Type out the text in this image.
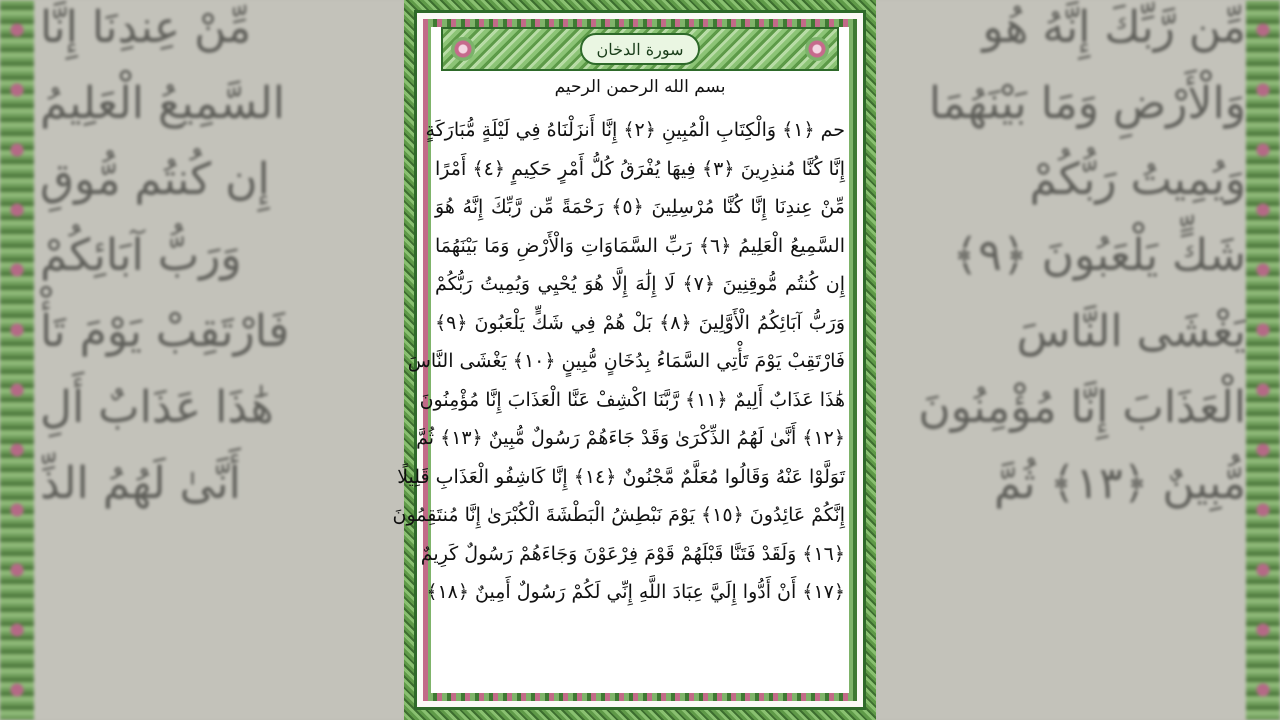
مِّنْ عِندِنَا إِنَّا
السَّمِيعُ الْعَلِيمُ
إِن كُنتُم مُّوقِ
وَرَبُّ آبَائِكُمْ
فَارْتَقِبْ يَوْمَ تَأْ
هَٰذَا عَذَابٌ أَلِ
أَنَّىٰ لَهُمُ الذِّ
مِّن رَّبِّكَ إِنَّهُ هُو
وَالْأَرْضِ وَمَا بَيْنَهُمَا
وَيُمِيتُ رَبُّكُمْ
شَكٍّ يَلْعَبُونَ ﴿٩﴾
يَغْشَى النَّاسَ
الْعَذَابَ إِنَّا مُؤْمِنُونَ
مُّبِينٌ ﴿١٣﴾ ثُمَّ
سورة الدخان
بسم الله الرحمن الرحيم
حم ﴿١﴾ وَالْكِتَابِ الْمُبِينِ ﴿٢﴾ إِنَّا أَنزَلْنَاهُ فِي لَيْلَةٍ مُّبَارَكَةٍ
إِنَّا كُنَّا مُنذِرِينَ ﴿٣﴾ فِيهَا يُفْرَقُ كُلُّ أَمْرٍ حَكِيمٍ ﴿٤﴾ أَمْرًا
مِّنْ عِندِنَا إِنَّا كُنَّا مُرْسِلِينَ ﴿٥﴾ رَحْمَةً مِّن رَّبِّكَ إِنَّهُ هُوَ
السَّمِيعُ الْعَلِيمُ ﴿٦﴾ رَبِّ السَّمَاوَاتِ وَالْأَرْضِ وَمَا بَيْنَهُمَا
إِن كُنتُم مُّوقِنِينَ ﴿٧﴾ لَا إِلَٰهَ إِلَّا هُوَ يُحْيِي وَيُمِيتُ رَبُّكُمْ
وَرَبُّ آبَائِكُمُ الْأَوَّلِينَ ﴿٨﴾ بَلْ هُمْ فِي شَكٍّ يَلْعَبُونَ ﴿٩﴾
فَارْتَقِبْ يَوْمَ تَأْتِي السَّمَاءُ بِدُخَانٍ مُّبِينٍ ﴿١٠﴾ يَغْشَى النَّاسَ
هَٰذَا عَذَابٌ أَلِيمٌ ﴿١١﴾ رَّبَّنَا اكْشِفْ عَنَّا الْعَذَابَ إِنَّا مُؤْمِنُونَ
﴿١٢﴾ أَنَّىٰ لَهُمُ الذِّكْرَىٰ وَقَدْ جَاءَهُمْ رَسُولٌ مُّبِينٌ ﴿١٣﴾ ثُمَّ
تَوَلَّوْا عَنْهُ وَقَالُوا مُعَلَّمٌ مَّجْنُونٌ ﴿١٤﴾ إِنَّا كَاشِفُو الْعَذَابِ قَلِيلًا
إِنَّكُمْ عَائِدُونَ ﴿١٥﴾ يَوْمَ نَبْطِشُ الْبَطْشَةَ الْكُبْرَىٰ إِنَّا مُنتَقِمُونَ
﴿١٦﴾ وَلَقَدْ فَتَنَّا قَبْلَهُمْ قَوْمَ فِرْعَوْنَ وَجَاءَهُمْ رَسُولٌ كَرِيمٌ
﴿١٧﴾ أَنْ أَدُّوا إِلَيَّ عِبَادَ اللَّهِ إِنِّي لَكُمْ رَسُولٌ أَمِينٌ ﴿١٨﴾
